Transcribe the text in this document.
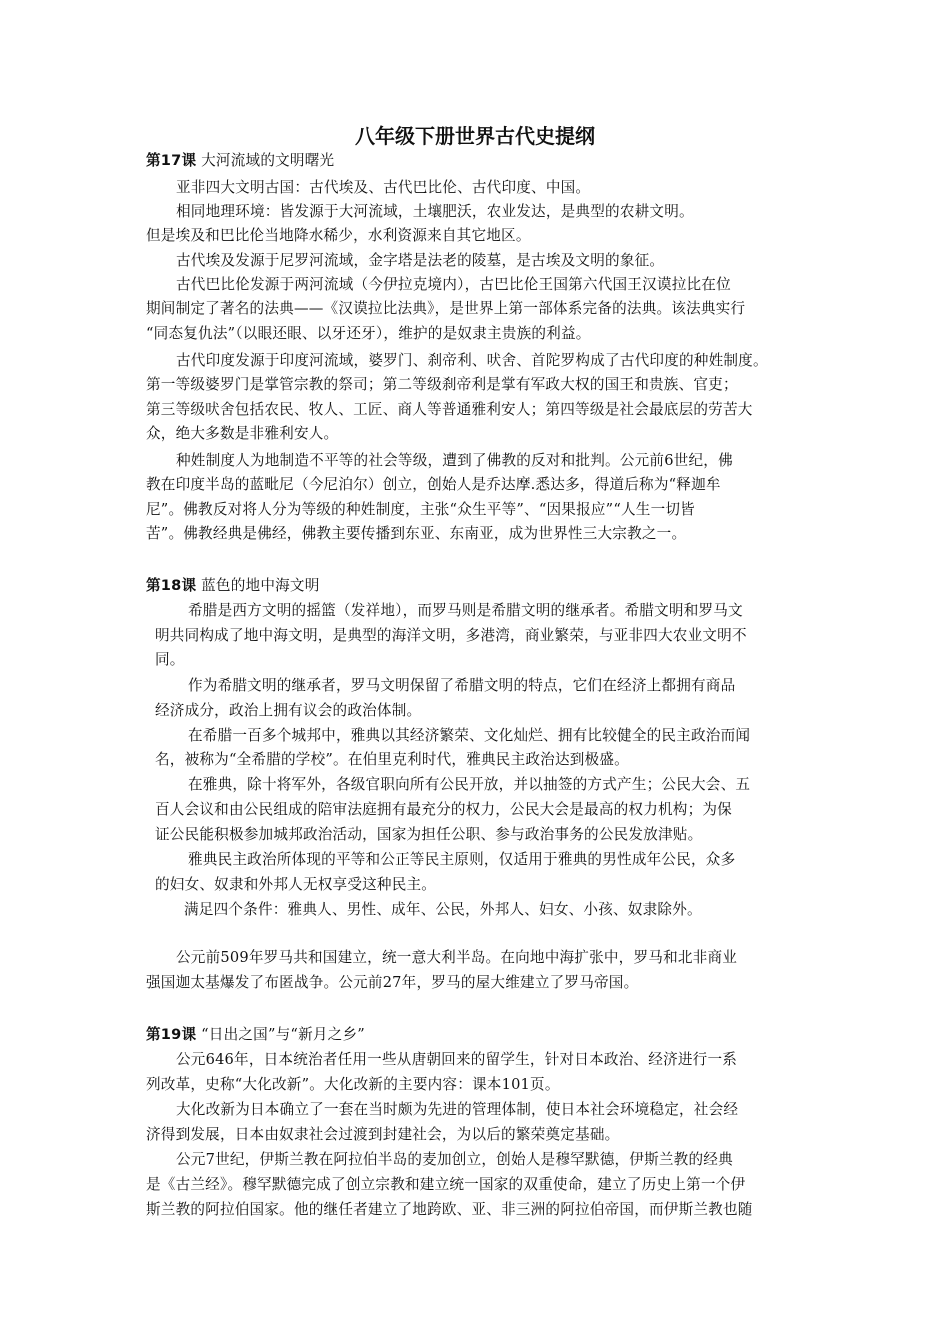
八年级下册世界古代史提纲
第17课 大河流域的文明曙光
亚非四大文明古国：古代埃及、古代巴比伦、古代印度、中国。
相同地理环境：皆发源于大河流域，土壤肥沃，农业发达，是典型的农耕文明。
但是埃及和巴比伦当地降水稀少，水利资源来自其它地区。
古代埃及发源于尼罗河流域，金字塔是法老的陵墓，是古埃及文明的象征。
古代巴比伦发源于两河流域（今伊拉克境内），古巴比伦王国第六代国王汉谟拉比在位
期间制定了著名的法典——《汉谟拉比法典》，是世界上第一部体系完备的法典。该法典实行
“同态复仇法”（以眼还眼、以牙还牙），维护的是奴隶主贵族的利益。
古代印度发源于印度河流域，婆罗门、刹帝利、吠舍、首陀罗构成了古代印度的种姓制度。
第一等级婆罗门是掌管宗教的祭司；第二等级刹帝利是掌有军政大权的国王和贵族、官吏；
第三等级吠舍包括农民、牧人、工匠、商人等普通雅利安人；第四等级是社会最底层的劳苦大
众，绝大多数是非雅利安人。
种姓制度人为地制造不平等的社会等级，遭到了佛教的反对和批判。公元前6世纪，佛
教在印度半岛的蓝毗尼（今尼泊尔）创立，创始人是乔达摩.悉达多，得道后称为“释迦牟
尼”。佛教反对将人分为等级的种姓制度，主张“众生平等”、“因果报应”“人生一切皆
苦”。佛教经典是佛经，佛教主要传播到东亚、东南亚，成为世界性三大宗教之一。
第18课 蓝色的地中海文明
希腊是西方文明的摇篮（发祥地），而罗马则是希腊文明的继承者。希腊文明和罗马文
明共同构成了地中海文明，是典型的海洋文明，多港湾，商业繁荣，与亚非四大农业文明不
同。
作为希腊文明的继承者，罗马文明保留了希腊文明的特点，它们在经济上都拥有商品
经济成分，政治上拥有议会的政治体制。
在希腊一百多个城邦中，雅典以其经济繁荣、文化灿烂、拥有比较健全的民主政治而闻
名，被称为“全希腊的学校”。在伯里克利时代，雅典民主政治达到极盛。
在雅典，除十将军外，各级官职向所有公民开放，并以抽签的方式产生；公民大会、五
百人会议和由公民组成的陪审法庭拥有最充分的权力，公民大会是最高的权力机构；为保
证公民能积极参加城邦政治活动，国家为担任公职、参与政治事务的公民发放津贴。
雅典民主政治所体现的平等和公正等民主原则，仅适用于雅典的男性成年公民，众多
的妇女、奴隶和外邦人无权享受这种民主。
满足四个条件：雅典人、男性、成年、公民，外邦人、妇女、小孩、奴隶除外。
公元前509年罗马共和国建立，统一意大利半岛。在向地中海扩张中，罗马和北非商业
强国迦太基爆发了布匿战争。公元前27年，罗马的屋大维建立了罗马帝国。
第19课 “日出之国”与“新月之乡”
公元646年，日本统治者任用一些从唐朝回来的留学生，针对日本政治、经济进行一系
列改革，史称“大化改新”。大化改新的主要内容：课本101页。
大化改新为日本确立了一套在当时颇为先进的管理体制，使日本社会环境稳定，社会经
济得到发展，日本由奴隶社会过渡到封建社会，为以后的繁荣奠定基础。
公元7世纪，伊斯兰教在阿拉伯半岛的麦加创立，创始人是穆罕默德，伊斯兰教的经典
是《古兰经》。穆罕默德完成了创立宗教和建立统一国家的双重使命，建立了历史上第一个伊
斯兰教的阿拉伯国家。他的继任者建立了地跨欧、亚、非三洲的阿拉伯帝国，而伊斯兰教也随
